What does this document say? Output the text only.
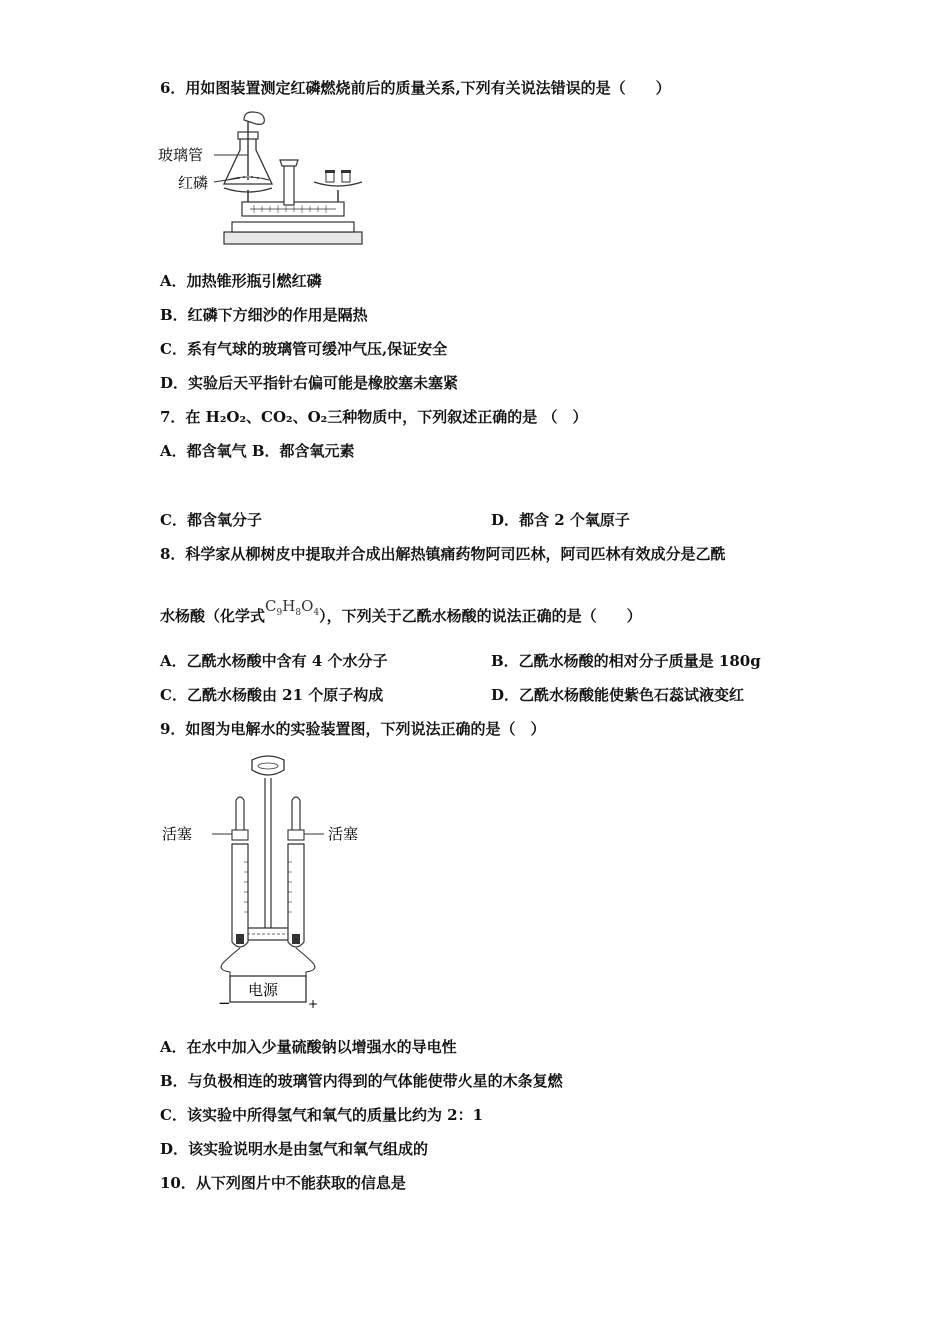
6．用如图装置测定红磷燃烧前后的质量关系,下列有关说法错误的是（　　）
玻璃管
红磷
A．加热锥形瓶引燃红磷
B．红磷下方细沙的作用是隔热
C．系有气球的玻璃管可缓冲气压,保证安全
D．实验后天平指针右偏可能是橡胶塞未塞紧
7．在 H₂O₂、CO₂、O₂三种物质中，下列叙述正确的是 （　）
A．都含氧气 B．都含氧元素
C．都含氧分子	D．都含 2 个氧原子
8．科学家从柳树皮中提取并合成出解热镇痛药物阿司匹林，阿司匹林有效成分是乙酰
水杨酸（化学式$C_9H_8O_4$），下列关于乙酰水杨酸的说法正确的是（　　）
A．乙酰水杨酸中含有 4 个水分子	B．乙酰水杨酸的相对分子质量是 180g
C．乙酰水杨酸由 21 个原子构成	D．乙酰水杨酸能使紫色石蕊试液变红
9．如图为电解水的实验装置图，下列说法正确的是（　）
电源
−	+
活塞	活塞
A．在水中加入少量硫酸钠以增强水的导电性
B．与负极相连的玻璃管内得到的气体能使带火星的木条复燃
C．该实验中所得氢气和氧气的质量比约为 2：1
D．该实验说明水是由氢气和氧气组成的
10．从下列图片中不能获取的信息是
